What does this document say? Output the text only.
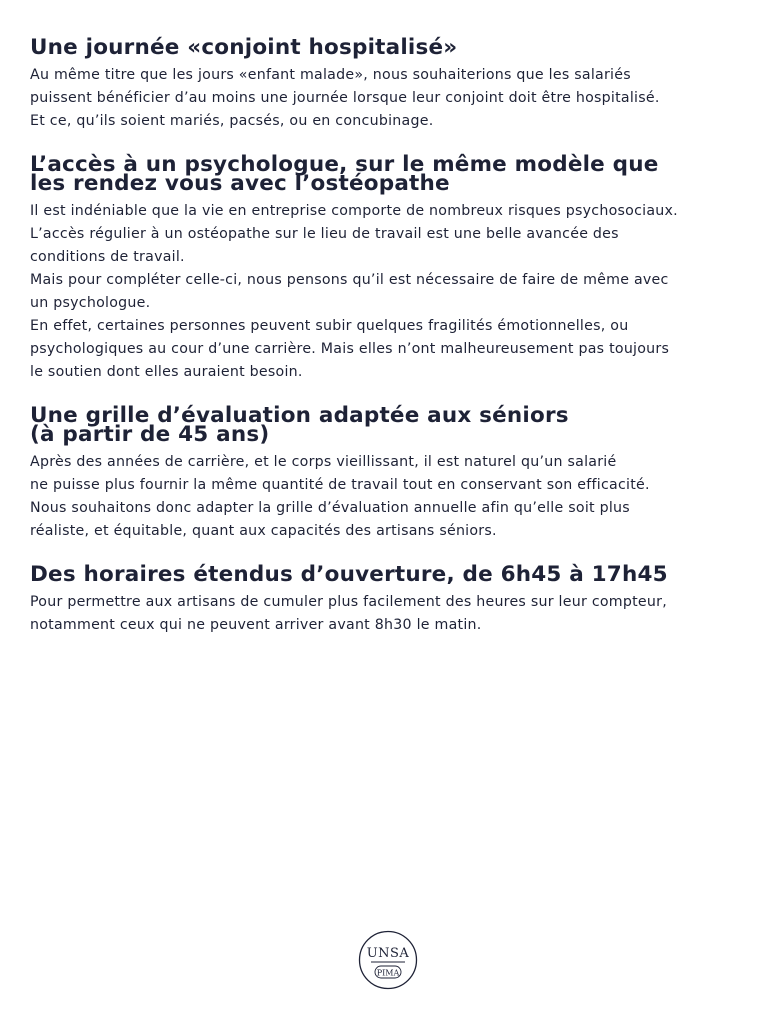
Une journée «conjoint hospitalisé»

Au même titre que les jours «enfant malade», nous souhaiterions que les salariés
puissent bénéficier d’au moins une journée lorsque leur conjoint doit être hospitalisé.
Et ce, qu’ils soient mariés, pacsés, ou en concubinage.

L’accès à un psychologue, sur le même modèle que
les rendez vous avec l’ostéopathe

Il est indéniable que la vie en entreprise comporte de nombreux risques psychosociaux.
L’accès régulier à un ostéopathe sur le lieu de travail est une belle avancée des
conditions de travail.

Mais pour compléter celle-ci, nous pensons qu’il est nécessaire de faire de même avec
un psychologue.

En effet, certaines personnes peuvent subir quelques fragilités émotionnelles, ou
psychologiques au cour d’une carrière. Mais elles n’ont malheureusement pas toujours
le soutien dont elles auraient besoin.

Une grille d’évaluation adaptée aux séniors
(à partir de 45 ans)

Après des années de carrière, et le corps vieillissant, il est naturel qu’un salarié
ne puisse plus fournir la même quantité de travail tout en conservant son efficacité.

Nous souhaitons donc adapter la grille d’évaluation annuelle afin qu’elle soit plus
réaliste, et équitable, quant aux capacités des artisans séniors.

Des horaires étendus d’ouverture, de 6h45 à 17h45

Pour permettre aux artisans de cumuler plus facilement des heures sur leur compteur,
notamment ceux qui ne peuvent arriver avant 8h30 le matin.

UNSA
PIMA
